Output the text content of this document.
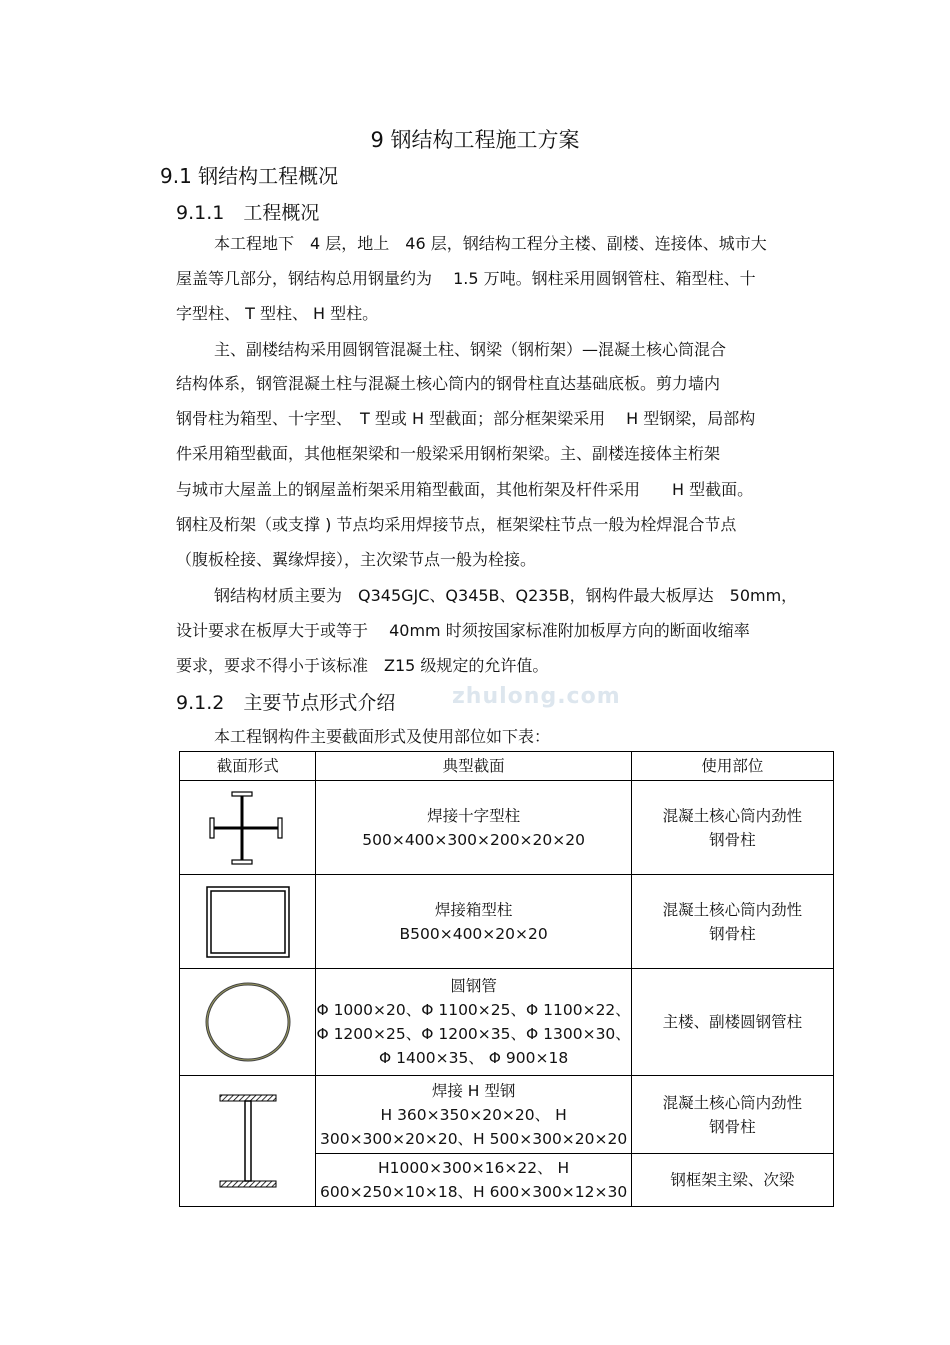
zhulong.com
9 钢结构工程施工方案
9.1 钢结构工程概况
9.1.1　工程概况
本工程地下　4 层，地上　46 层，钢结构工程分主楼、副楼、连接体、城市大
屋盖等几部分，钢结构总用钢量约为　 1.5 万吨。钢柱采用圆钢管柱、箱型柱、十
字型柱、 T 型柱、 H 型柱。
主、副楼结构采用圆钢管混凝土柱、钢梁（钢桁架）—混凝土核心筒混合
结构体系，钢管混凝土柱与混凝土核心筒内的钢骨柱直达基础底板。剪力墙内
钢骨柱为箱型、十字型、　T 型或 H 型截面；部分框架梁采用　 H 型钢梁，局部构
件采用箱型截面，其他框架梁和一般梁采用钢桁架梁。主、副楼连接体主桁架
与城市大屋盖上的钢屋盖桁架采用箱型截面，其他桁架及杆件采用　　H 型截面。
钢柱及桁架（或支撑 ) 节点均采用焊接节点，框架梁柱节点一般为栓焊混合节点
（腹板栓接、翼缘焊接），主次梁节点一般为栓接。
钢结构材质主要为　Q345GJC、Q345B、Q235B，钢构件最大板厚达　50mm，
设计要求在板厚大于或等于　 40mm 时须按国家标准附加板厚方向的断面收缩率
要求，要求不得小于该标准　Z15 级规定的允许值。
9.1.2　主要节点形式介绍
本工程钢构件主要截面形式及使用部位如下表：
截面形式	典型截面	使用部位

焊接十字型柱
500×400×300×200×20×20	混凝土核心筒内劲性
钢骨柱

焊接箱型柱
B500×400×20×20	混凝土核心筒内劲性
钢骨柱

圆钢管
Φ 1000×20、Φ 1100×25、Φ 1100×22、
Φ 1200×25、Φ 1200×35、Φ 1300×30、
Φ 1400×35、 Φ 900×18	主楼、副楼圆钢管柱

焊接 H 型钢
H 360×350×20×20、 H
300×300×20×20、H 500×300×20×20	混凝土核心筒内劲性
钢骨柱

	H1000×300×16×22、 H
600×250×10×18、H 600×300×12×30	钢框架主梁、次梁
